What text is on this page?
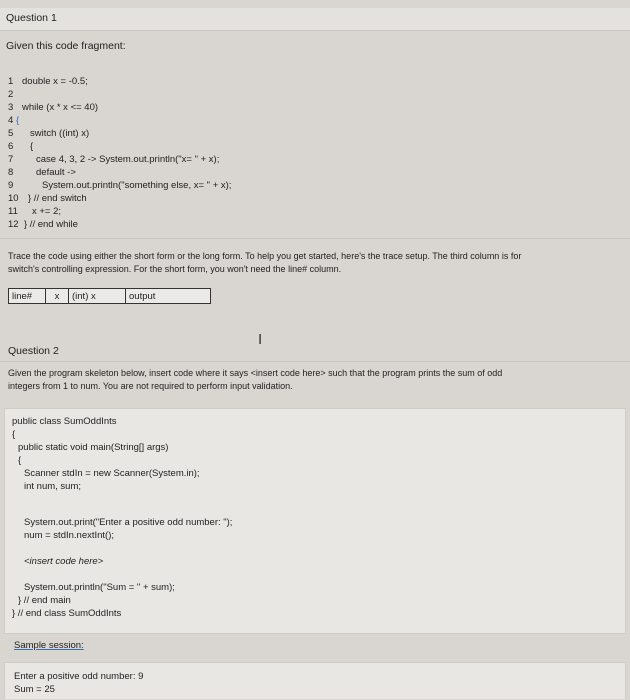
Question 1
Given this code fragment:
1 double x = -0.5;
2
3 while (x * x <= 40)
4 {
5 switch ((int) x)
6 {
7 case 4, 3, 2 -> System.out.println("x= " + x);
8 default ->
9	System.out.println("something else, x= " + x);
10 } // end switch
11 x += 2;
12 } // end while
Trace the code using either the short form or the long form. To help you get started, here's the trace setup. The third column is for
switch's controlling expression. For the short form, you won't need the line# column.
line#	x	(int) x	output
I
Question 2
Given the program skeleton below, insert code where it says <insert code here> such that the program prints the sum of odd
integers from 1 to num. You are not required to perform input validation.
public class SumOddInts
{
public static void main(String[] args)
{
Scanner stdIn = new Scanner(System.in);
int num, sum;
System.out.print("Enter a positive odd number: ");
num = stdIn.nextInt();
<insert code here>
System.out.println("Sum = " + sum);
} // end main
} // end class SumOddInts
Sample session:
Enter a positive odd number: 9
Sum = 25
